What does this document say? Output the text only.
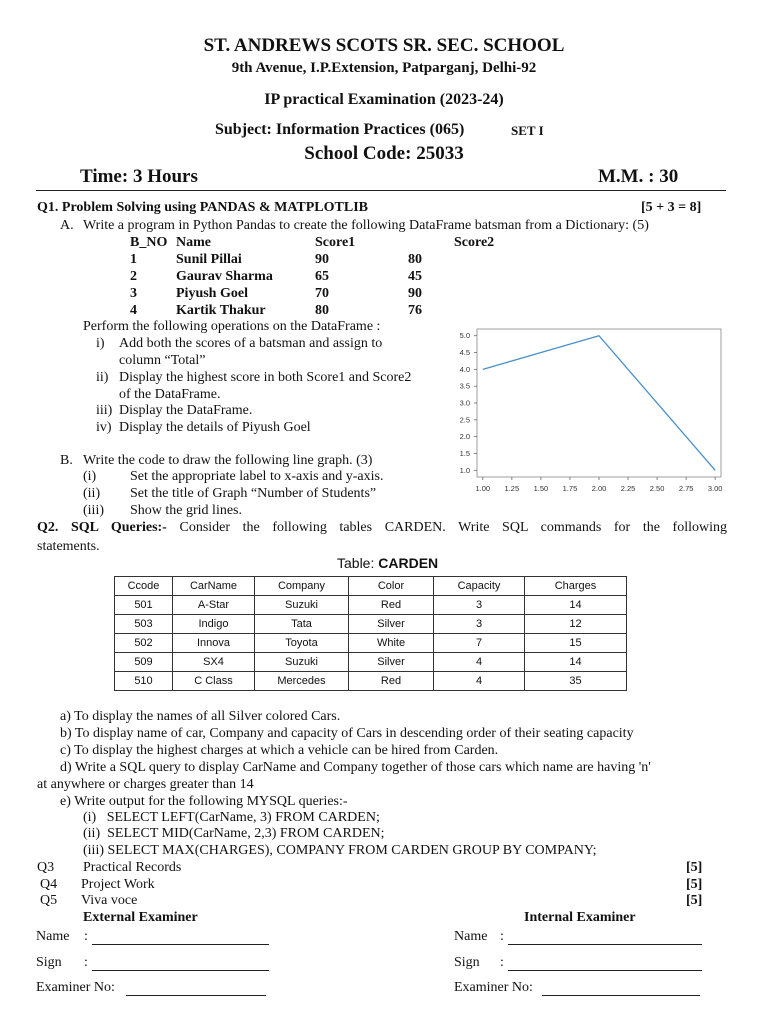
ST. ANDREWS SCOTS SR. SEC. SCHOOL
9th Avenue, I.P.Extension, Patparganj, Delhi-92
IP practical Examination (2023-24)
Subject: Information Practices (065)	SET I
School Code: 25033
Time: 3 Hours	M.M. : 30
Q1. Problem Solving using PANDAS & MATPLOTLIB	[5 + 3 = 8]
A. Write a program in Python Pandas to create the following DataFrame batsman from a Dictionary: (5)
B_NO Name	Score1	Score2
1	Sunil Pillai	90	80
2	Gaurav Sharma	65	45
3	Piyush Goel	70	90
4	Kartik Thakur	80	76
Perform the following operations on the DataFrame :
i) Add both the scores of a batsman and assign to
column “Total”
ii) Display the highest score in both Score1 and Score2
of the DataFrame.
iii) Display the DataFrame.
iv) Display the details of Piyush Goel
1.00 1.25 1.50 1.75 2.00 2.25 2.50 2.75 3.00
1.0
1.5
2.0
2.5
3.0
3.5
4.0
4.5
5.0
B. Write the code to draw the following line graph. (3)
(i) Set the appropriate label to x-axis and y-axis.
(ii) Set the title of Graph “Number of Students”
(iii) Show the grid lines.
Q2. SQL Queries:- Consider the following tables CARDEN. Write SQL commands for the following
statements.
Table: CARDEN
Ccode	CarName	Company	Color	Capacity	Charges
501	A-Star	Suzuki	Red	3	14
503	Indigo	Tata	Silver	3	12
502	Innova	Toyota	White	7	15
509	SX4	Suzuki	Silver	4	14
510	C Class	Mercedes	Red	4	35
a) To display the names of all Silver colored Cars.
b) To display name of car, Company and capacity of Cars in descending order of their seating capacity
c) To display the highest charges at which a vehicle can be hired from Carden.
d) Write a SQL query to display CarName and Company together of those cars which name are having 'n'
at anywhere or charges greater than 14
e) Write output for the following MYSQL queries:-
(i)   SELECT LEFT(CarName, 3) FROM CARDEN;
(ii)  SELECT MID(CarName, 2,3) FROM CARDEN;
(iii) SELECT MAX(CHARGES), COMPANY FROM CARDEN GROUP BY COMPANY;
Q3 Practical Records	[5]
Q4 Project Work	[5]
Q5 Viva voce	[5]
External Examiner	Internal Examiner
Name :	Name :
Sign :	Sign :
Examiner No:	Examiner No:
